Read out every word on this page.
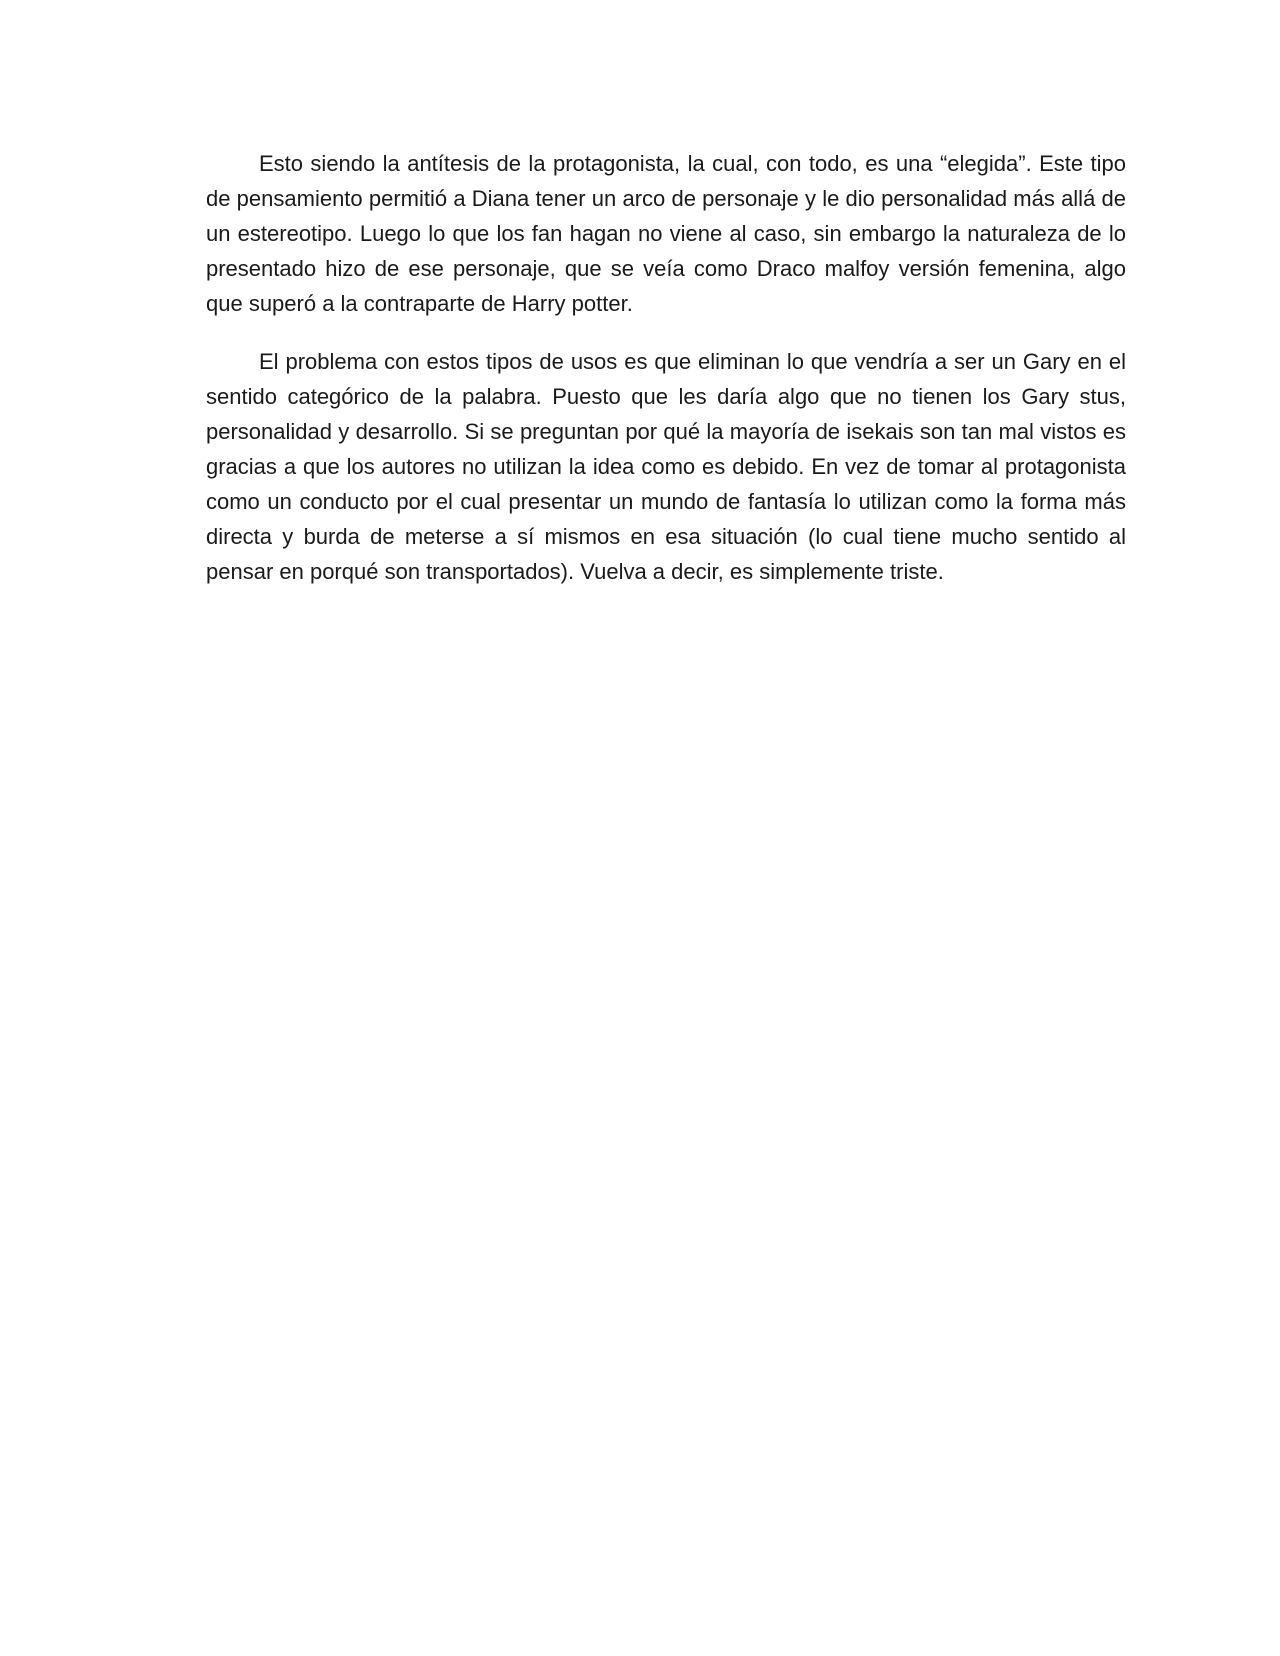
Esto siendo la antítesis de la protagonista, la cual, con todo, es una “elegida”. Este tipo de pensamiento permitió a Diana tener un arco de personaje y le dio personalidad más allá de un estereotipo. Luego lo que los fan hagan no viene al caso, sin embargo la naturaleza de lo presentado hizo de ese personaje, que se veía como Draco malfoy versión femenina, algo que superó a la contraparte de Harry potter.

El problema con estos tipos de usos es que eliminan lo que vendría a ser un Gary en el sentido categórico de la palabra. Puesto que les daría algo que no tienen los Gary stus, personalidad y desarrollo. Si se preguntan por qué la mayoría de isekais son tan mal vistos es gracias a que los autores no utilizan la idea como es debido. En vez de tomar al protagonista como un conducto por el cual presentar un mundo de fantasía lo utilizan como la forma más directa y burda de meterse a sí mismos en esa situación (lo cual tiene mucho sentido al pensar en porqué son transportados). Vuelva a decir, es simplemente triste.
